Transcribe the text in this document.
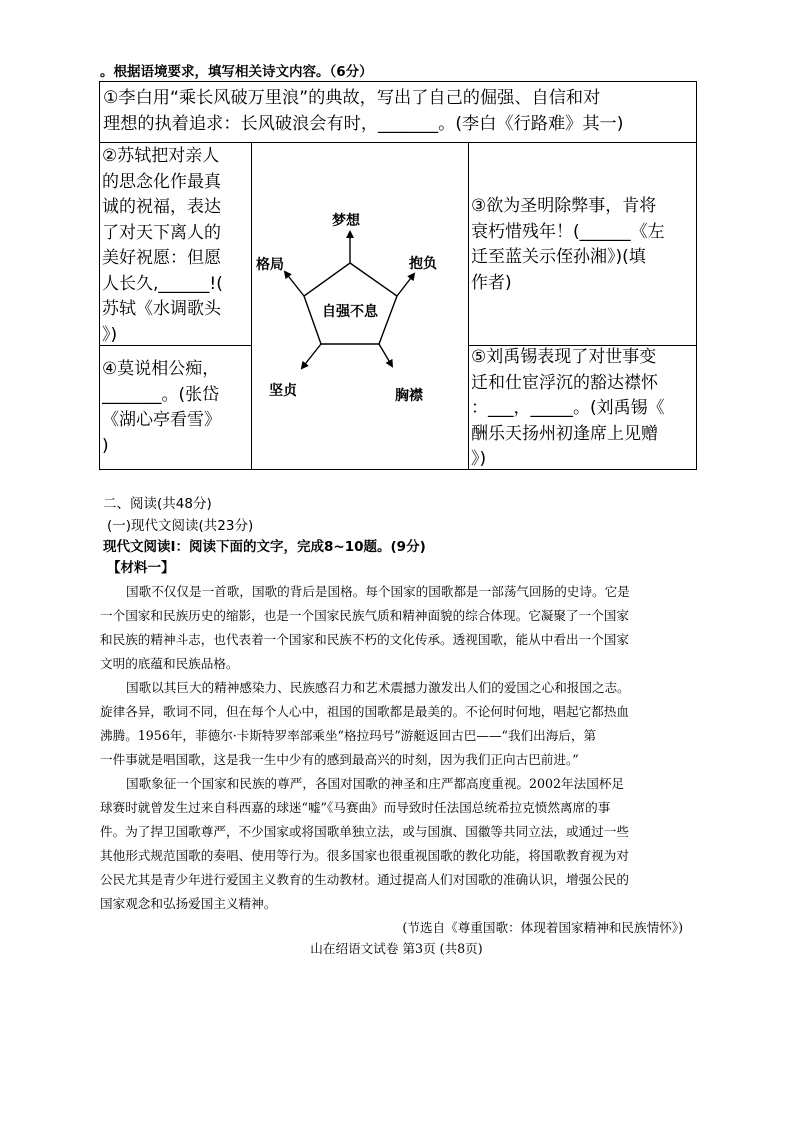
。根据语境要求，填写相关诗文内容。（6分）
①李白用“乘长风破万里浪”的典故，写出了自己的倔强、自信和对
理想的执着追求：长风破浪会有时，_______。(李白《行路难》其一)
②苏轼把对亲人
的思念化作最真
诚的祝福，表达
了对天下离人的
美好祝愿：但愿
人长久,______!(
苏轼《水调歌头
》)
③欲为圣明除弊事，肯将
衰朽惜残年！(______《左
迁至蓝关示侄孙湘》)(填
作者)
④莫说相公痴，
_______。(张岱
《湖心亭看雪》
)
⑤刘禹锡表现了对世事变
迁和仕宦浮沉的豁达襟怀
：___，_____。(刘禹锡《
酬乐天扬州初逢席上见赠
》)
梦想
抱负
胸襟
坚贞
格局
自强不息
二、阅读(共48分)
(一)现代文阅读(共23分)
现代文阅读Ⅰ：阅读下面的文字，完成8~10题。(9分)
【材料一】
国歌不仅仅是一首歌，国歌的背后是国格。每个国家的国歌都是一部荡气回肠的史诗。它是
一个国家和民族历史的缩影，也是一个国家民族气质和精神面貌的综合体现。它凝聚了一个国家
和民族的精神斗志，也代表着一个国家和民族不朽的文化传承。透视国歌，能从中看出一个国家
文明的底蕴和民族品格。
国歌以其巨大的精神感染力、民族感召力和艺术震撼力激发出人们的爱国之心和报国之志。
旋律各异，歌词不同，但在每个人心中，祖国的国歌都是最美的。不论何时何地，唱起它都热血
沸腾。1956年，菲德尔·卡斯特罗率部乘坐“格拉玛号”游艇返回古巴——“我们出海后，第
一件事就是唱国歌，这是我一生中少有的感到最高兴的时刻，因为我们正向古巴前进。”
国歌象征一个国家和民族的尊严，各国对国歌的神圣和庄严都高度重视。2002年法国杯足
球赛时就曾发生过来自科西嘉的球迷“嘘”《马赛曲》而导致时任法国总统希拉克愤然离席的事
件。为了捍卫国歌尊严，不少国家或将国歌单独立法，或与国旗、国徽等共同立法，或通过一些
其他形式规范国歌的奏唱、使用等行为。很多国家也很重视国歌的教化功能，将国歌教育视为对
公民尤其是青少年进行爱国主义教育的生动教材。通过提高人们对国歌的准确认识，增强公民的
国家观念和弘扬爱国主义精神。
(节选自《尊重国歌：体现着国家精神和民族情怀》)
山在绍语文试卷 第3页 (共8页)
